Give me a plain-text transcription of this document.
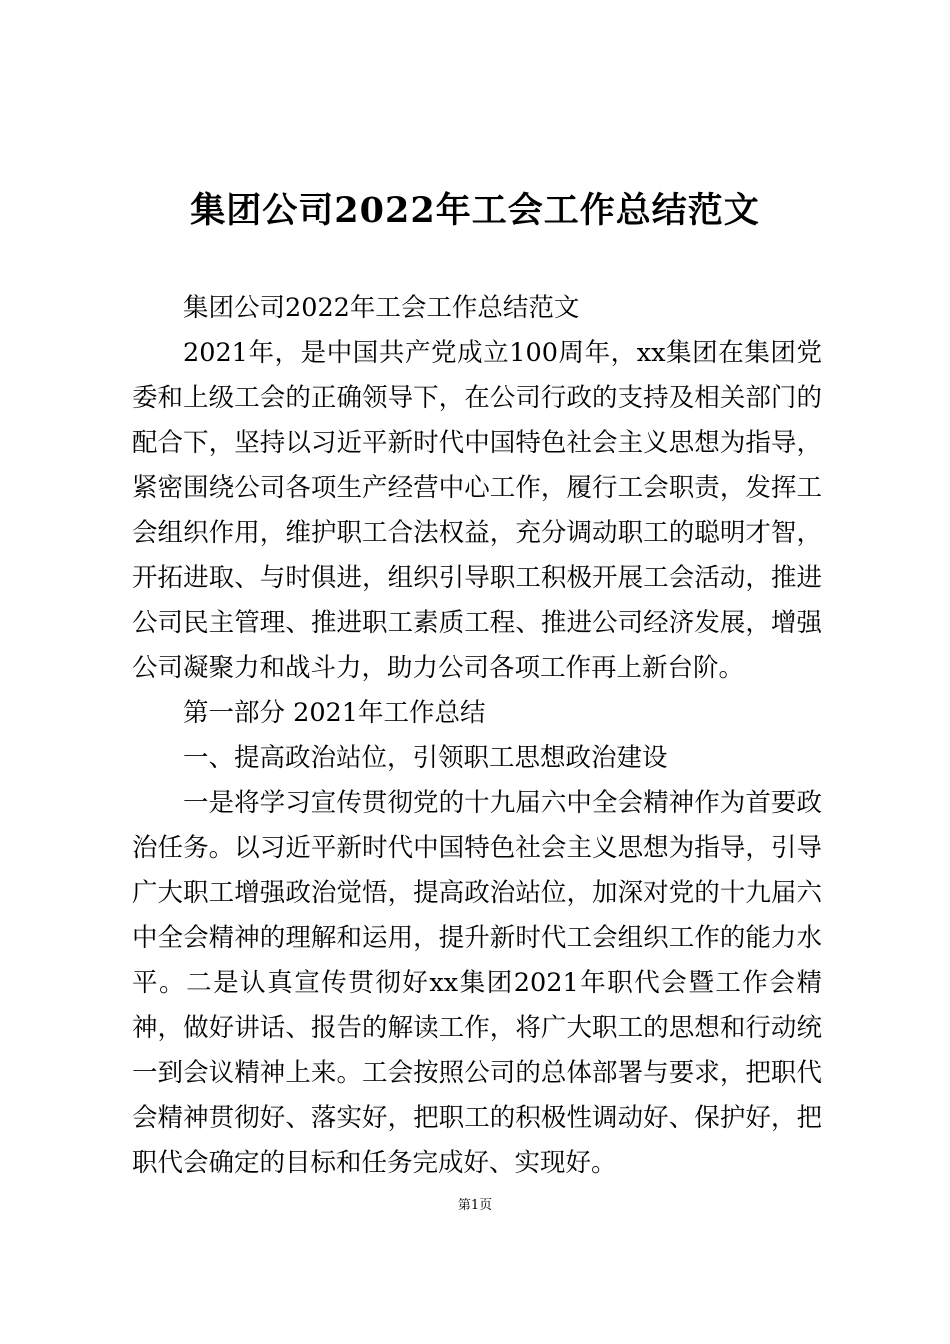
集团公司2022年工会工作总结范文

集团公司2022年工会工作总结范文

2021年，是中国共产党成立100周年，xx集团在集团党委和上级工会的正确领导下，在公司行政的支持及相关部门的配合下，坚持以习近平新时代中国特色社会主义思想为指导，紧密围绕公司各项生产经营中心工作，履行工会职责，发挥工会组织作用，维护职工合法权益，充分调动职工的聪明才智，开拓进取、与时俱进，组织引导职工积极开展工会活动，推进公司民主管理、推进职工素质工程、推进公司经济发展，增强公司凝聚力和战斗力，助力公司各项工作再上新台阶。

第一部分 2021年工作总结

一、提高政治站位，引领职工思想政治建设

一是将学习宣传贯彻党的十九届六中全会精神作为首要政治任务。以习近平新时代中国特色社会主义思想为指导，引导广大职工增强政治觉悟，提高政治站位，加深对党的十九届六中全会精神的理解和运用，提升新时代工会组织工作的能力水平。二是认真宣传贯彻好xx集团2021年职代会暨工作会精神，做好讲话、报告的解读工作，将广大职工的思想和行动统一到会议精神上来。工会按照公司的总体部署与要求，把职代会精神贯彻好、落实好，把职工的积极性调动好、保护好，把职代会确定的目标和任务完成好、实现好。

第1页
